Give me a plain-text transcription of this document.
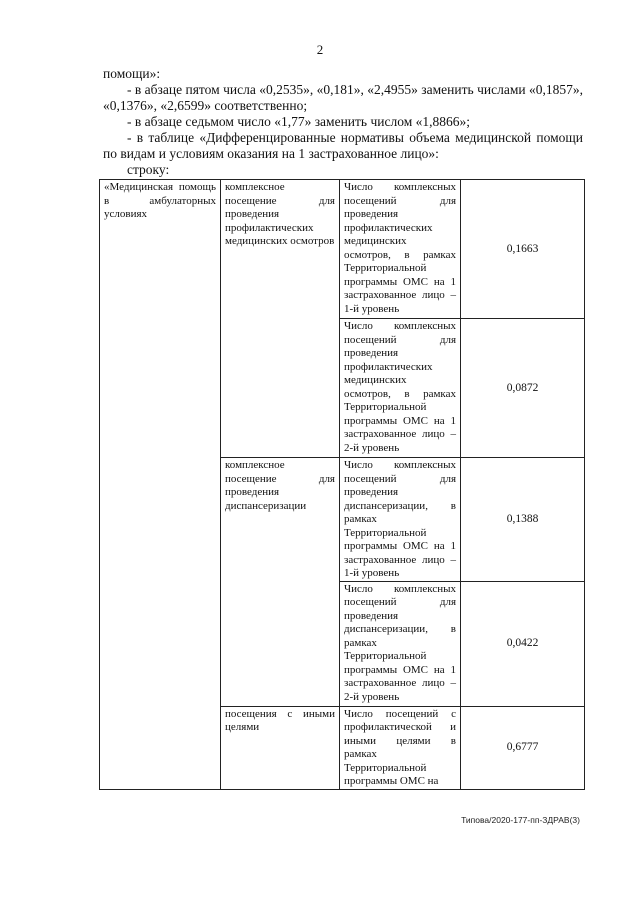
2
помощи»:
- в абзаце пятом числа «0,2535», «0,181», «2,4955» заменить числами «0,1857», «0,1376», «2,6599» соответственно;
- в абзаце седьмом число «1,77» заменить числом «1,8866»;
- в таблице «Дифференцированные нормативы объема медицинской помощи по видам и условиям оказания на 1 застрахованное лицо»:
строку:
«Медицинская помощь в амбулаторных условиях	комплексное посещение для проведения профилактических медицинских осмотров	Число комплексных посещений для проведения профилактических медицинских осмотров, в рамках Территориальной программы ОМС на 1 застрахованное лицо – 1-й уровень	0,1663

		Число комплексных посещений для проведения профилактических медицинских осмотров, в рамках Территориальной программы ОМС на 1 застрахованное лицо – 2-й уровень	0,0872

	комплексное посещение для проведения диспансеризации	Число комплексных посещений для проведения диспансеризации, в рамках Территориальной программы ОМС на 1 застрахованное лицо – 1-й уровень	0,1388

		Число комплексных посещений для проведения диспансеризации, в рамках Территориальной программы ОМС на 1 застрахованное лицо – 2-й уровень	0,0422

	посещения с иными целями	Число посещений с профилактической и иными целями в рамках Территориальной программы ОМС на	0,6777
Типова/2020-177-пп-ЗДРАВ(3)
